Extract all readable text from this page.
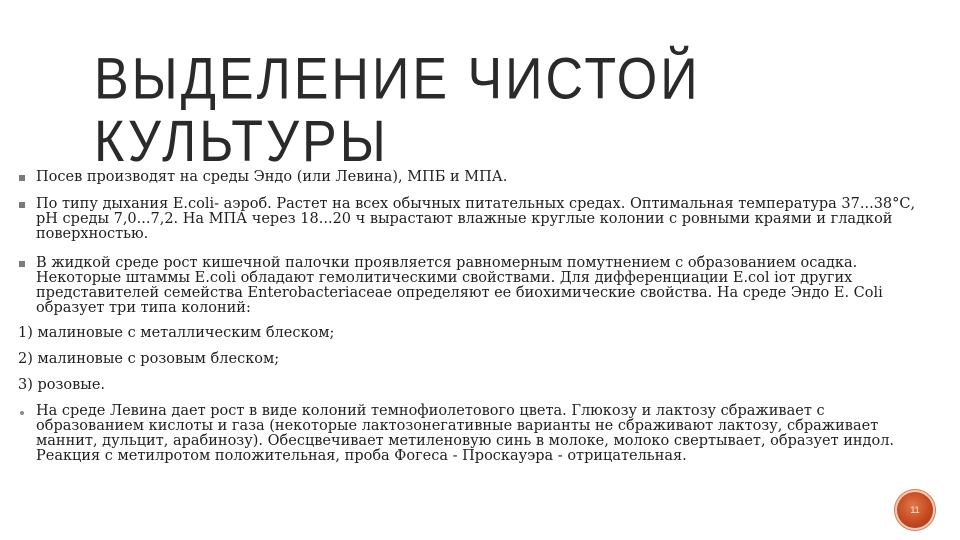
ВЫДЕЛЕНИЕ ЧИСТОЙ КУЛЬТУРЫ

Посев производят на среды Эндо (или Левина), МПБ и МПА.

По типу дыхания E.coli- аэроб. Растет на всех обычных питательных средах. Оптимальная температура 37...38°С, рН среды 7,0...7,2. На МПА через 18...20 ч вырастают влажные круглые колонии с ровными краями и гладкой поверхностью.

В жидкой среде рост кишечной палочки проявляется равномерным помутнением с образованием осадка. Некоторые штаммы E.coli обладают гемолитическими свойствами. Для дифференциации E.col iот других представителей семейства Enterobacteriaceae определяют ее биохимические свойства. На среде Эндо Е. Coli образует три типа колоний:

1) малиновые с металлическим блеском;

2) малиновые с розовым блеском;

3) розовые.

На среде Левина дает рост в виде колоний темнофиолетового цвета. Глюкозу и лактозу сбраживает с образованием кислоты и газа (некоторые лактозонегативные варианты не сбраживают лактозу, сбраживает маннит, дульцит, арабинозу). Обесцвечивает метиленовую синь в молоке, молоко свертывает, образует индол. Реакция с метилротом положительная, проба Фогеса - Проскауэра - отрицательная.

11
